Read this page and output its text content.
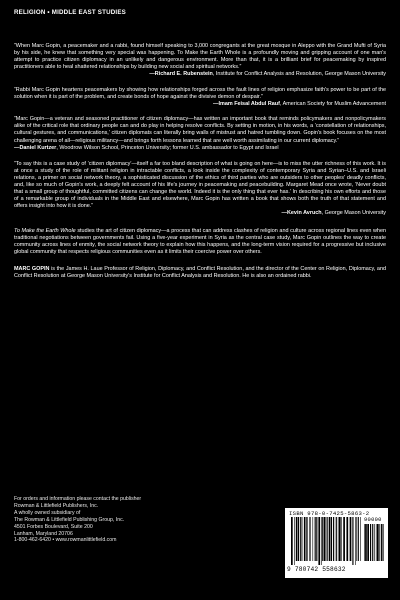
RELIGION • MIDDLE EAST STUDIES

“When Marc Gopin, a peacemaker and a rabbi, found himself speaking to 3,000 congregants at the great mosque in Aleppo with the Grand Mufti of Syria by his side, he knew that something very special was happening. To Make the Earth Whole is a profoundly moving and gripping account of one man's attempt to practice citizen diplomacy in an unlikely and dangerous environment. More than that, it is a brilliant brief for peacemaking by inspired practitioners able to heal shattered relationships by building new social and spiritual networks.”

—Richard E. Rubenstein, Institute for Conflict Analysis and Resolution, George Mason University

“Rabbi Marc Gopin heartens peacemakers by showing how relationships forged across the fault lines of religion emphasize faith's power to be part of the solution when it is part of the problem, and create bonds of hope against the divisive demon of despair.”

—Imam Feisal Abdul Rauf, American Society for Muslim Advancement

“Marc Gopin—a veteran and seasoned practitioner of citizen diplomacy—has written an important book that reminds policymakers and nonpolicymakers alike of the critical role that ordinary people can and do play in helping resolve conflicts. By setting in motion, in his words, a ‘constellation of relationships, cultural gestures, and communications,’ citizen diplomats can literally bring walls of mistrust and hatred tumbling down. Gopin's book focuses on the most challenging arena of all—religious militancy—and brings forth lessons learned that are well worth assimilating in our current diplomacy.”

—Daniel Kurtzer, Woodrow Wilson School, Princeton University; former U.S. ambassador to Egypt and Israel

“To say this is a case study of ‘citizen diplomacy’—itself a far too bland description of what is going on here—is to miss the utter richness of this work. It is at once a study of the role of militant religion in intractable conflicts, a look inside the complexity of contemporary Syria and Syrian–U.S. and Israeli relations, a primer on social network theory, a sophisticated discussion of the ethics of third parties who are outsiders to other peoples' deadly conflicts, and, like so much of Gopin's work, a deeply felt account of his life's journey in peacemaking and peacebuilding. Margaret Mead once wrote, ‘Never doubt that a small group of thoughtful, committed citizens can change the world. Indeed it is the only thing that ever has.’ In describing his own efforts and those of a remarkable group of individuals in the Middle East and elsewhere, Marc Gopin has written a book that shows both the truth of that statement and offers insight into how it is done.”

—Kevin Avruch, George Mason University

To Make the Earth Whole studies the art of citizen diplomacy—a process that can address clashes of religion and culture across regional lines even when traditional negotiations between governments fail. Using a five-year experiment in Syria as the central case study, Marc Gopin outlines the way to create community across lines of enmity, the social network theory to explain how this happens, and the long-term vision required for a progressive but inclusive global community that respects religious communities even as it limits their coercive power over others.

MARC GOPIN is the James H. Laue Professor of Religion, Diplomacy, and Conflict Resolution, and the director of the Center on Religion, Diplomacy, and Conflict Resolution at George Mason University's Institute for Conflict Analysis and Resolution. He is also an ordained rabbi.

For orders and information please contact the publisher
Rowman & Littlefield Publishers, Inc.
A wholly owned subsidiary of
The Rowman & Littlefield Publishing Group, Inc.
4501 Forbes Boulevard, Suite 200
Lanham, Maryland 20706
1-800-462-6420 • www.rowmanlittlefield.com
ISBN 978-0-7425-5863-2
90000
9 780742 558632
